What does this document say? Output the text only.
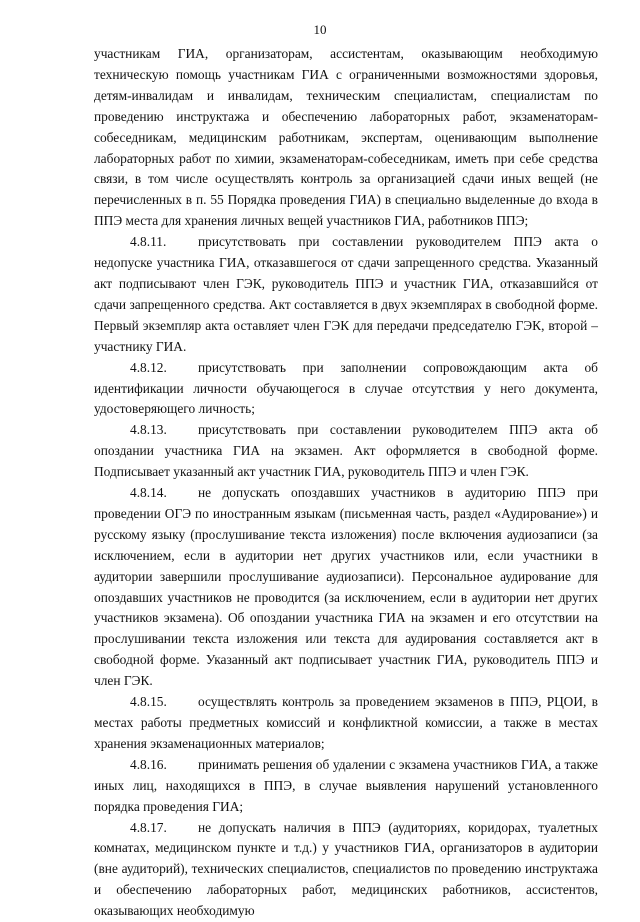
10

участникам ГИА, организаторам, ассистентам, оказывающим необходимую техническую помощь участникам ГИА с ограниченными возможностями здоровья, детям-инвалидам и инвалидам, техническим специалистам, специалистам по проведению инструктажа и обеспечению лабораторных работ, экзаменаторам-собеседникам, медицинским работникам, экспертам, оценивающим выполнение лабораторных работ по химии, экзаменаторам-собеседникам, иметь при себе средства связи, в том числе осуществлять контроль за организацией сдачи иных вещей (не перечисленных в п. 55 Порядка проведения ГИА) в специально выделенные до входа в ППЭ места для хранения личных вещей участников ГИА, работников ППЭ;

4.8.11. присутствовать при составлении руководителем ППЭ акта о недопуске участника ГИА, отказавшегося от сдачи запрещенного средства. Указанный акт подписывают член ГЭК, руководитель ППЭ и участник ГИА, отказавшийся от сдачи запрещенного средства. Акт составляется в двух экземплярах в свободной форме. Первый экземпляр акта оставляет член ГЭК для передачи председателю ГЭК, второй – участнику ГИА.

4.8.12. присутствовать при заполнении сопровождающим акта об идентификации личности обучающегося в случае отсутствия у него документа, удостоверяющего личность;

4.8.13. присутствовать при составлении руководителем ППЭ акта об опоздании участника ГИА на экзамен. Акт оформляется в свободной форме. Подписывает указанный акт участник ГИА, руководитель ППЭ и член ГЭК.

4.8.14. не допускать опоздавших участников в аудиторию ППЭ при проведении ОГЭ по иностранным языкам (письменная часть, раздел «Аудирование») и русскому языку (прослушивание текста изложения) после включения аудиозаписи (за исключением, если в аудитории нет других участников или, если участники в аудитории завершили прослушивание аудиозаписи). Персональное аудирование для опоздавших участников не проводится (за исключением, если в аудитории нет других участников экзамена). Об опоздании участника ГИА на экзамен и его отсутствии на прослушивании текста изложения или текста для аудирования составляется акт в свободной форме. Указанный акт подписывает участник ГИА, руководитель ППЭ и член ГЭК.

4.8.15. осуществлять контроль за проведением экзаменов в ППЭ, РЦОИ, в местах работы предметных комиссий и конфликтной комиссии, а также в местах хранения экзаменационных материалов;

4.8.16. принимать решения об удалении с экзамена участников ГИА, а также иных лиц, находящихся в ППЭ, в случае выявления нарушений установленного порядка проведения ГИА;

4.8.17. не допускать наличия в ППЭ (аудиториях, коридорах, туалетных комнатах, медицинском пункте и т.д.) у участников ГИА, организаторов в аудитории (вне аудиторий), технических специалистов, специалистов по проведению инструктажа и обеспечению лабораторных работ, медицинских работников, ассистентов, оказывающих необходимую
